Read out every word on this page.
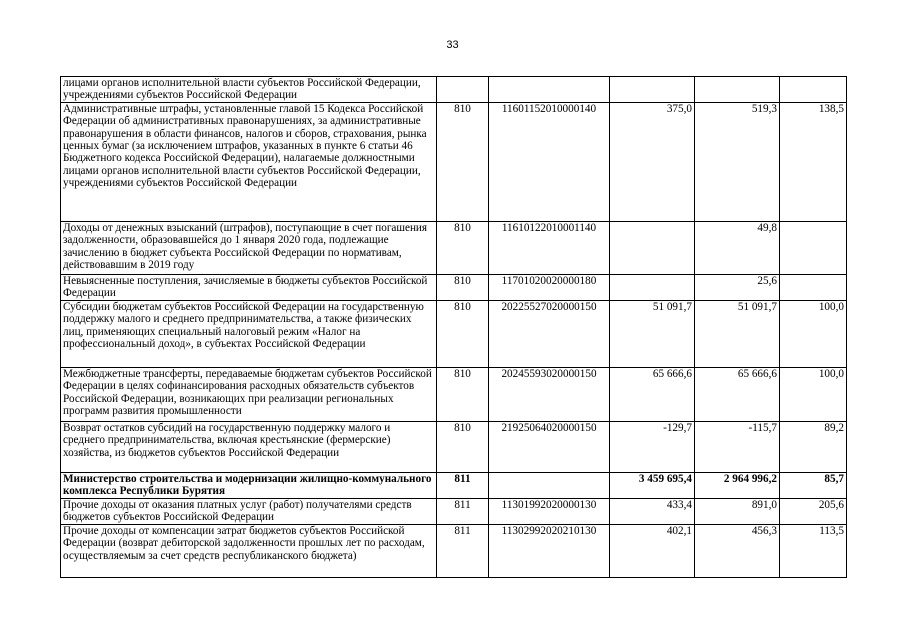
33
лицами органов исполнительной власти субъектов Российской Федерации, учреждениями субъектов Российской Федерации					
Административные штрафы, установленные главой 15 Кодекса Российской Федерации об административных правонарушениях, за административные правонарушения в области финансов, налогов и сборов, страхования, рынка ценных бумаг (за исключением штрафов, указанных в пункте 6 статьи 46 Бюджетного кодекса Российской Федерации), налагаемые должностными лицами органов исполнительной власти субъектов Российской Федерации, учреждениями субъектов Российской Федерации	810	11601152010000140	375,0	519,3	138,5
Доходы от денежных взысканий (штрафов), поступающие в счет погашения задолженности, образовавшейся до 1 января 2020 года, подлежащие зачислению в бюджет субъекта Российской Федерации по нормативам, действовавшим в 2019 году	810	11610122010001140		49,8	
Невыясненные поступления, зачисляемые в бюджеты субъектов Российской Федерации	810	11701020020000180		25,6	
Субсидии бюджетам субъектов Российской Федерации на государственную поддержку малого и среднего предпринимательства, а также физических лиц, применяющих специальный налоговый режим «Налог на профессиональный доход», в субъектах Российской Федерации	810	20225527020000150	51 091,7	51 091,7	100,0
Межбюджетные трансферты, передаваемые бюджетам субъектов Российской Федерации в целях софинансирования расходных обязательств субъектов Российской Федерации, возникающих при реализации региональных программ развития промышленности	810	20245593020000150	65 666,6	65 666,6	100,0
Возврат остатков субсидий на государственную поддержку малого и среднего предпринимательства, включая крестьянские (фермерские) хозяйства, из бюджетов субъектов Российской Федерации	810	21925064020000150	-129,7	-115,7	89,2
Министерство строительства и модернизации жилищно-коммунального комплекса Республики Бурятия	811		3 459 695,4	2 964 996,2	85,7
Прочие доходы от оказания платных услуг (работ) получателями средств бюджетов субъектов Российской Федерации	811	11301992020000130	433,4	891,0	205,6
Прочие доходы от компенсации затрат бюджетов субъектов Российской Федерации (возврат дебиторской задолженности прошлых лет по расходам, осуществляемым за счет средств республиканского бюджета)	811	11302992020210130	402,1	456,3	113,5
